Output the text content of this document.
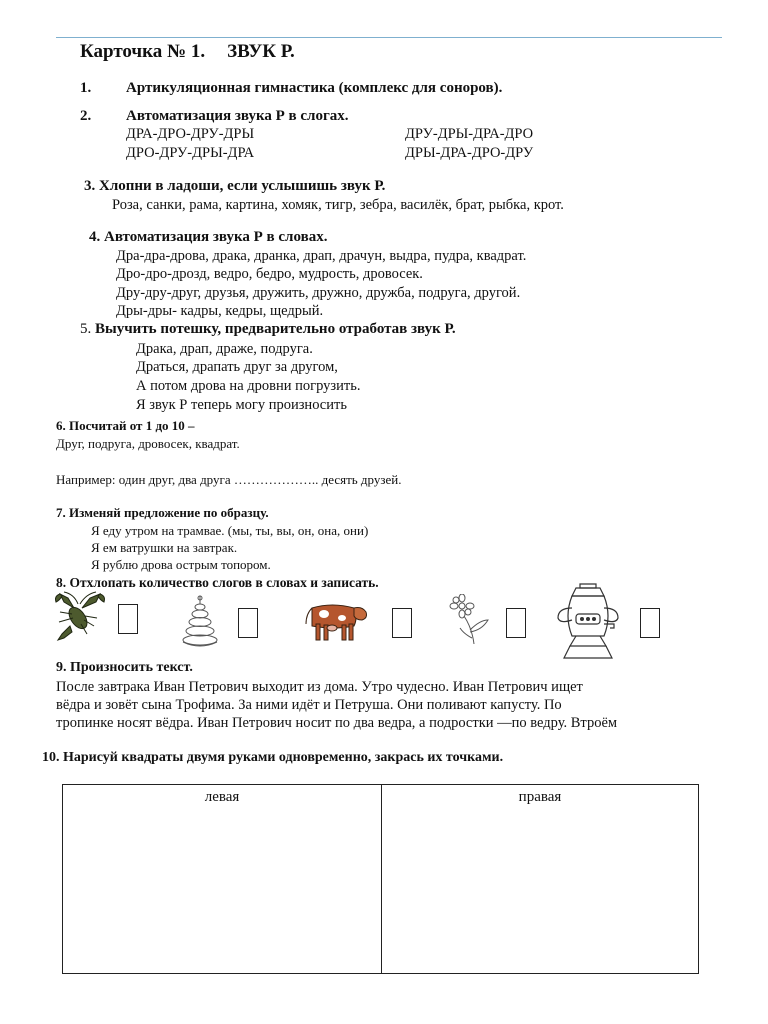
Карточка № 1. ЗВУК Р.
1. Артикуляционная гимнастика (комплекс для соноров).
2. Автоматизация звука Р в слогах.
ДРА-ДРО-ДРУ-ДРЫ
ДРО-ДРУ-ДРЫ-ДРА
ДРУ-ДРЫ-ДРА-ДРО
ДРЫ-ДРА-ДРО-ДРУ
3. Хлопни в ладоши, если услышишь звук Р.
Роза, санки, рама, картина, хомяк, тигр, зебра, василёк, брат, рыбка, крот.
4. Автоматизация звука Р в словах.
Дра-дра-дрова, драка, дранка, драп, драчун, выдра, пудра, квадрат.
Дро-дро-дрозд, ведро, бедро, мудрость, дровосек.
Дру-дру-друг, друзья, дружить, дружно, дружба, подруга, другой.
Дры-дры- кадры, кедры, щедрый.
5. Выучить потешку, предварительно отработав звук Р.
Драка, драп, драже, подруга.
Драться, драпать друг за другом,
А потом дрова на дровни погрузить.
Я звук Р теперь могу произносить
6. Посчитай от 1 до 10 –
Друг, подруга, дровосек, квадрат.
Например: один друг, два друга ……………….. десять друзей.
7. Изменяй предложение по образцу.
Я еду утром на трамвае. (мы, ты, вы, он, она, они)
Я ем ватрушки на завтрак.
Я рублю дрова острым топором.
8. Отхлопать количество слогов в словах и записать.
9. Произносить текст.
После завтрака Иван Петрович выходит из дома. Утро чудесно. Иван Петрович ищет
вёдра и зовёт сына Трофима. За ними идёт и Петруша. Они поливают капусту. По
тропинке носят вёдра. Иван Петрович носит по два ведра, а подростки —по ведру. Втроём
10. Нарисуй квадраты двумя руками одновременно, закрась их точками.
левая	правая
